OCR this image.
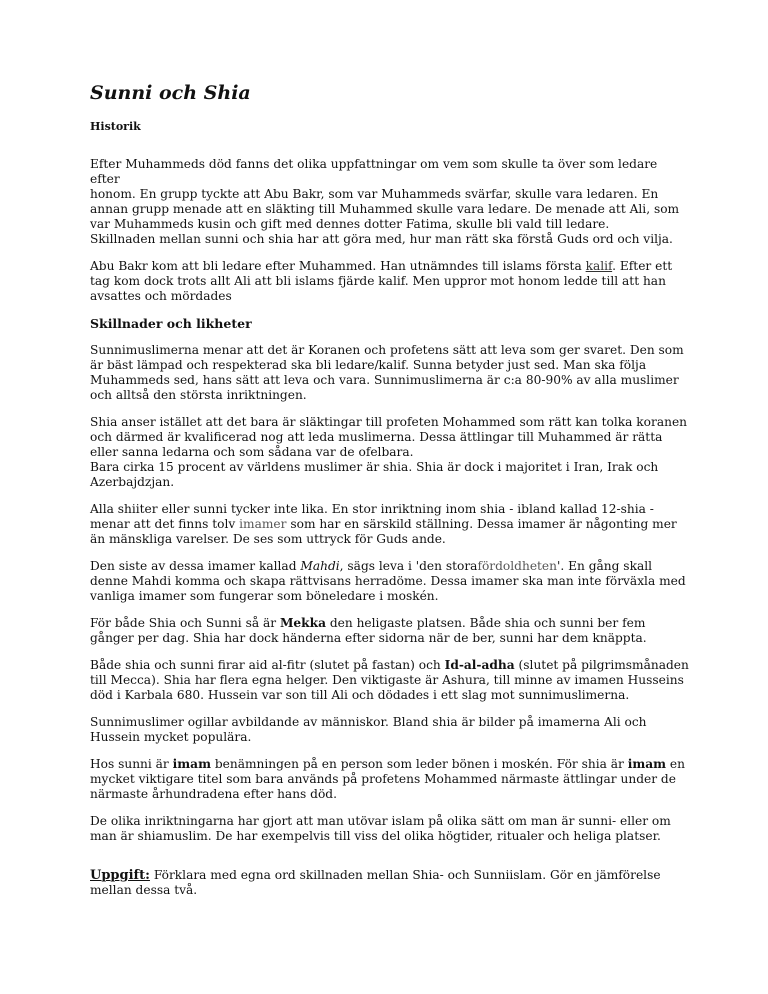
Sunni och Shia
Historik

Efter Muhammeds död fanns det olika uppfattningar om vem som skulle ta över som ledare efter
honom. En grupp tyckte att Abu Bakr, som var Muhammeds svärfar, skulle vara ledaren. En
annan grupp menade att en släkting till Muhammed skulle vara ledare. De menade att Ali, som
var Muhammeds kusin och gift med dennes dotter Fatima, skulle bli vald till ledare.
Skillnaden mellan sunni och shia har att göra med, hur man rätt ska förstå Guds ord och vilja.

Abu Bakr kom att bli ledare efter Muhammed. Han utnämndes till islams första kalif. Efter ett tag kom dock trots allt Ali att bli islams fjärde kalif. Men uppror mot honom ledde till att han avsattes och mördades

Skillnader och likheter

Sunnimuslimerna menar att det är Koranen och profetens sätt att leva som ger svaret. Den som är bäst lämpad och respekterad ska bli ledare/kalif. Sunna betyder just sed. Man ska följa Muhammeds sed, hans sätt att leva och vara. Sunnimuslimerna är c:a 80-90% av alla muslimer och alltså den största inriktningen.

Shia anser istället att det bara är släktingar till profeten Mohammed som rätt kan tolka koranen och därmed är kvalificerad nog att leda muslimerna. Dessa ättlingar till Muhammed är rätta eller sanna ledarna och som sådana var de ofelbara.
Bara cirka 15 procent av världens muslimer är shia. Shia är dock i majoritet i Iran, Irak och Azerbajdzjan.

Alla shiiter eller sunni tycker inte lika. En stor inriktning inom shia - ibland kallad 12-shia - menar att det finns tolv imamer som har en särskild ställning. Dessa imamer är någonting mer än mänskliga varelser. De ses som uttryck för Guds ande.

Den siste av dessa imamer kallad Mahdi, sägs leva i 'den storafördoldheten'. En gång skall denne Mahdi komma och skapa rättvisans herradöme. Dessa imamer ska man inte förväxla med vanliga imamer som fungerar som böneledare i moskén.

För både Shia och Sunni så är Mekka den heligaste platsen. Både shia och sunni ber fem gånger per dag. Shia har dock händerna efter sidorna när de ber, sunni har dem knäppta.

Både shia och sunni firar aid al-fitr (slutet på fastan) och Id-al-adha (slutet på pilgrimsmånaden till Mecca). Shia har flera egna helger. Den viktigaste är Ashura, till minne av imamen Husseins död i Karbala 680. Hussein var son till Ali och dödades i ett slag mot sunnimuslimerna.

Sunnimuslimer ogillar avbildande av människor. Bland shia är bilder på imamerna Ali och Hussein mycket populära.

Hos sunni är imam benämningen på en person som leder bönen i moskén. För shia är imam en mycket viktigare titel som bara används på profetens Mohammed närmaste ättlingar under de närmaste århundradena efter hans död.

De olika inriktningarna har gjort att man utövar islam på olika sätt om man är sunni- eller om man är shiamuslim. De har exempelvis till viss del olika högtider, ritualer och heliga platser.

Uppgift: Förklara med egna ord skillnaden mellan Shia- och Sunniislam. Gör en jämförelse mellan dessa två.
